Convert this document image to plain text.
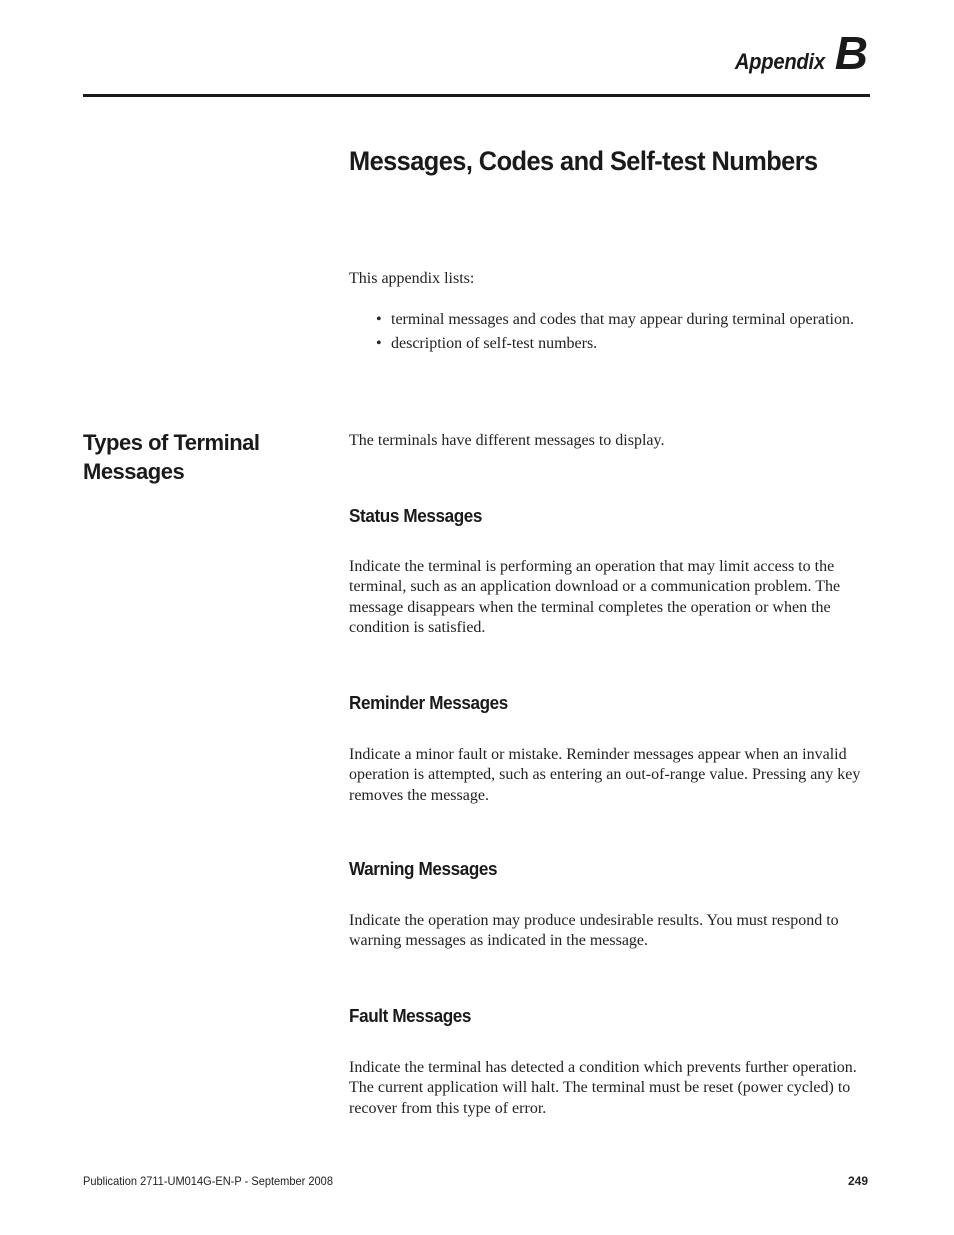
Appendix B
Messages, Codes and Self-test Numbers

This appendix lists:

• terminal messages and codes that may appear during terminal operation.
• description of self-test numbers.
Types of Terminal Messages

The terminals have different messages to display.

Status Messages

Indicate the terminal is performing an operation that may limit access to the terminal, such as an application download or a communication problem. The message disappears when the terminal completes the operation or when the condition is satisfied.

Reminder Messages

Indicate a minor fault or mistake. Reminder messages appear when an invalid operation is attempted, such as entering an out-of-range value. Pressing any key removes the message.

Warning Messages

Indicate the operation may produce undesirable results. You must respond to warning messages as indicated in the message.

Fault Messages

Indicate the terminal has detected a condition which prevents further operation. The current application will halt. The terminal must be reset (power cycled) to recover from this type of error.

Publication 2711-UM014G-EN-P - September 2008	249
